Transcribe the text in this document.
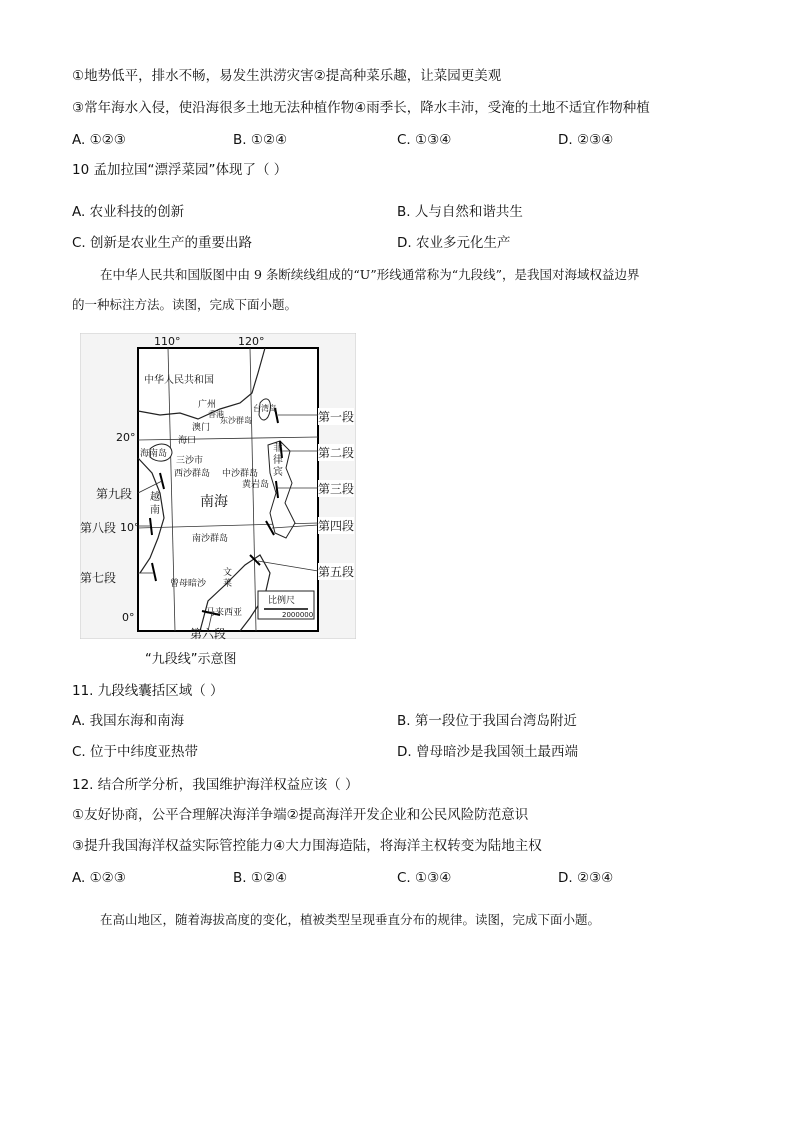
①地势低平，排水不畅，易发生洪涝灾害②提高种菜乐趣，让菜园更美观
③常年海水入侵，使沿海很多土地无法种植作物④雨季长，降水丰沛，受淹的土地不适宜作物种植
A. ①②③	B. ①②④	C. ①③④	D. ②③④
10 孟加拉国“漂浮菜园”体现了（ ）
A. 农业科技的创新	B. 人与自然和谐共生
C. 创新是农业生产的重要出路	D. 农业多元化生产
在中华人民共和国版图中由 9 条断续线组成的“U”形线通常称为“九段线”，是我国对海域权益边界
的一种标注方法。读图，完成下面小题。
110°	120°
20°
10°
0°
中华人民共和国
广州
香港
澳门
东沙群岛
台湾岛
海口
海南岛
三沙市
西沙群岛 中沙群岛
黄岩岛
南海
南沙群岛
越南
菲律宾
曾母暗沙
文莱
马来西亚
比例尺
2000000
第一段
第二段
第三段
第四段
第五段
第六段
第七段
第八段
第九段
“九段线”示意图
11. 九段线囊括区域（ ）
A. 我国东海和南海	B. 第一段位于我国台湾岛附近
C. 位于中纬度亚热带	D. 曾母暗沙是我国领土最西端
12. 结合所学分析，我国维护海洋权益应该（ ）
①友好协商，公平合理解决海洋争端②提高海洋开发企业和公民风险防范意识
③提升我国海洋权益实际管控能力④大力围海造陆，将海洋主权转变为陆地主权
A. ①②③	B. ①②④	C. ①③④	D. ②③④
在高山地区，随着海拔高度的变化，植被类型呈现垂直分布的规律。读图，完成下面小题。
